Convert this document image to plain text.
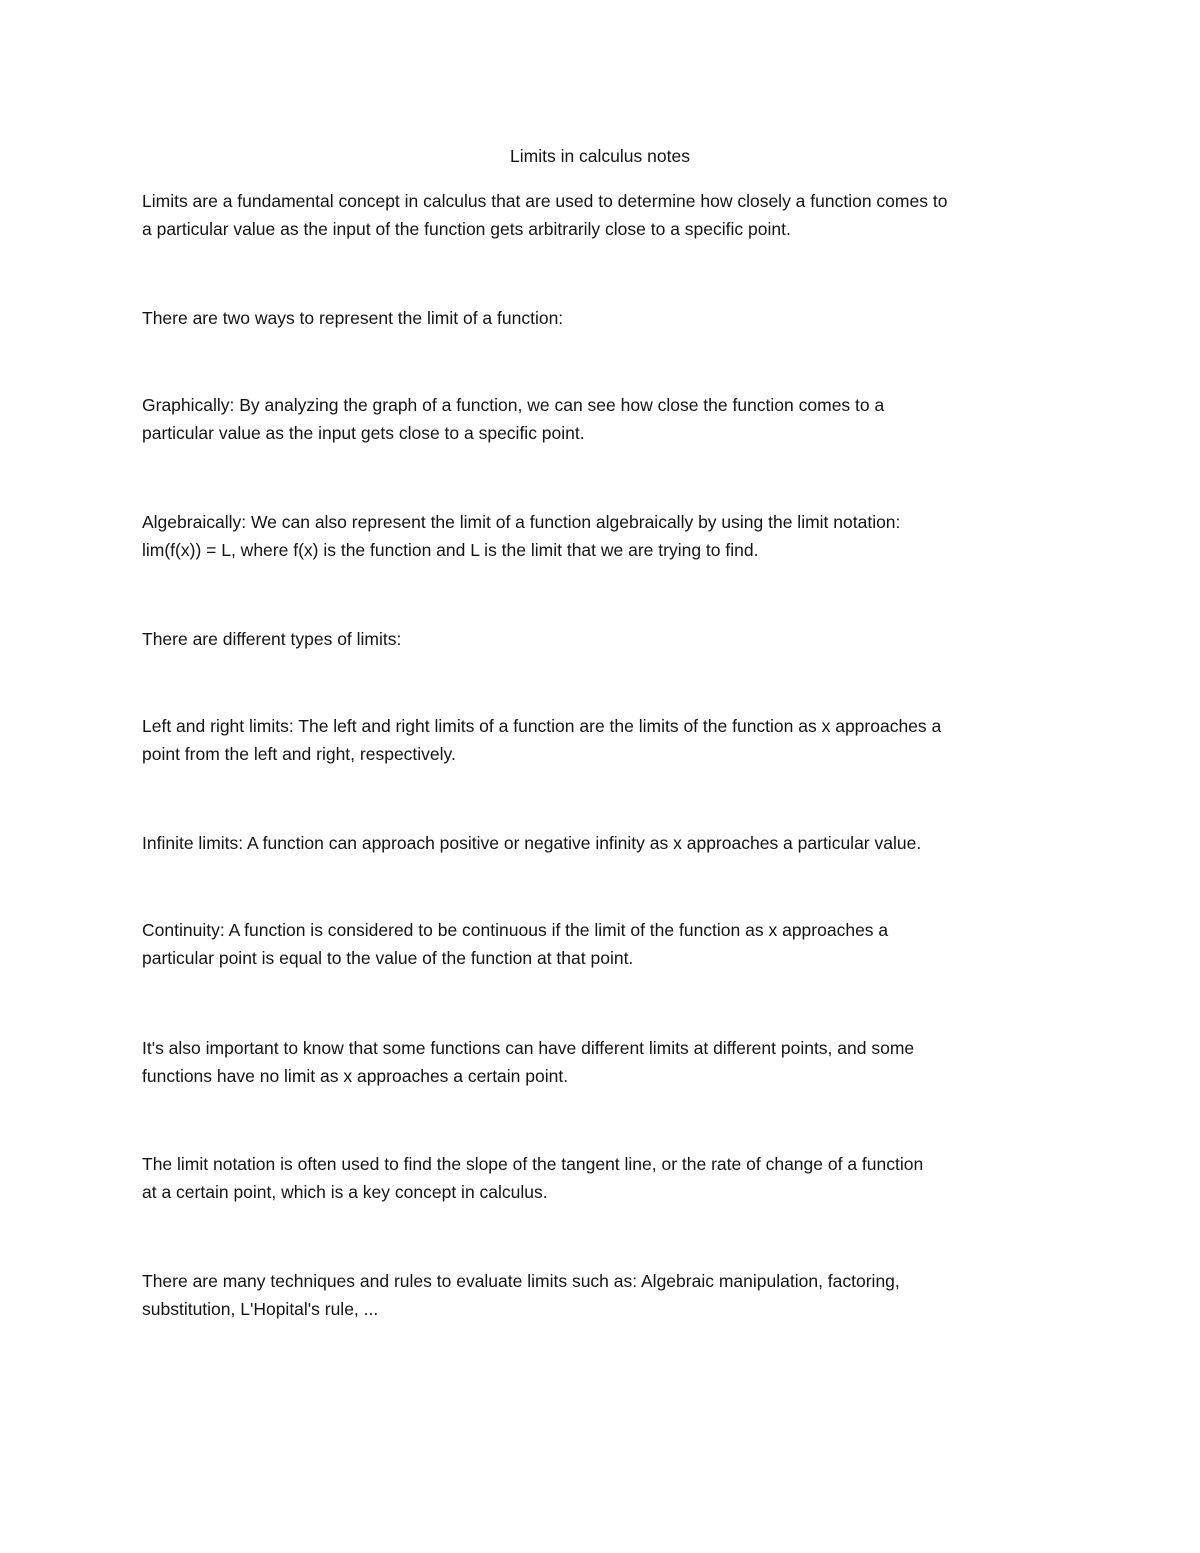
Limits in calculus notes

Limits are a fundamental concept in calculus that are used to determine how closely a function comes to
a particular value as the input of the function gets arbitrarily close to a specific point.

There are two ways to represent the limit of a function:

Graphically: By analyzing the graph of a function, we can see how close the function comes to a
particular value as the input gets close to a specific point.

Algebraically: We can also represent the limit of a function algebraically by using the limit notation:
lim(f(x)) = L, where f(x) is the function and L is the limit that we are trying to find.

There are different types of limits:

Left and right limits: The left and right limits of a function are the limits of the function as x approaches a
point from the left and right, respectively.

Infinite limits: A function can approach positive or negative infinity as x approaches a particular value.

Continuity: A function is considered to be continuous if the limit of the function as x approaches a
particular point is equal to the value of the function at that point.

It's also important to know that some functions can have different limits at different points, and some
functions have no limit as x approaches a certain point.

The limit notation is often used to find the slope of the tangent line, or the rate of change of a function
at a certain point, which is a key concept in calculus.

There are many techniques and rules to evaluate limits such as: Algebraic manipulation, factoring,
substitution, L'Hopital's rule, ...
